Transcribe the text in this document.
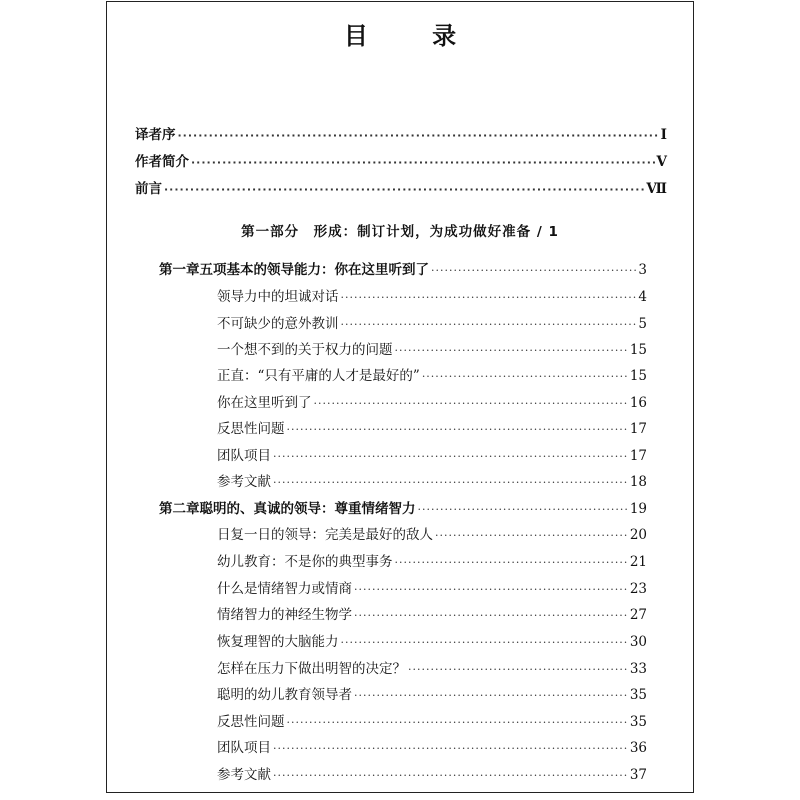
目 录
译者序 ·····	I
作者简介 ·····	V
前言 ·····	Ⅶ
第一部分　形成：制订计划，为成功做好准备 / 1
第一章 五项基本的领导能力：你在这里听到了 ·····	3
领导力中的坦诚对话 ·····	4
不可缺少的意外教训 ·····	5
一个想不到的关于权力的问题 ·····	15
正直：“只有平庸的人才是最好的” ·····	15
你在这里听到了 ·····	16
反思性问题 ·····	17
团队项目 ·····	17
参考文献 ·····	18
第二章 聪明的、真诚的领导：尊重情绪智力 ·····	19
日复一日的领导：完美是最好的敌人 ·····	20
幼儿教育：不是你的典型事务 ·····	21
什么是情绪智力或情商 ·····	23
情绪智力的神经生物学 ·····	27
恢复理智的大脑能力 ·····	30
怎样在压力下做出明智的决定？ ·····	33
聪明的幼儿教育领导者 ·····	35
反思性问题 ·····	35
团队项目 ·····	36
参考文献 ·····	37
